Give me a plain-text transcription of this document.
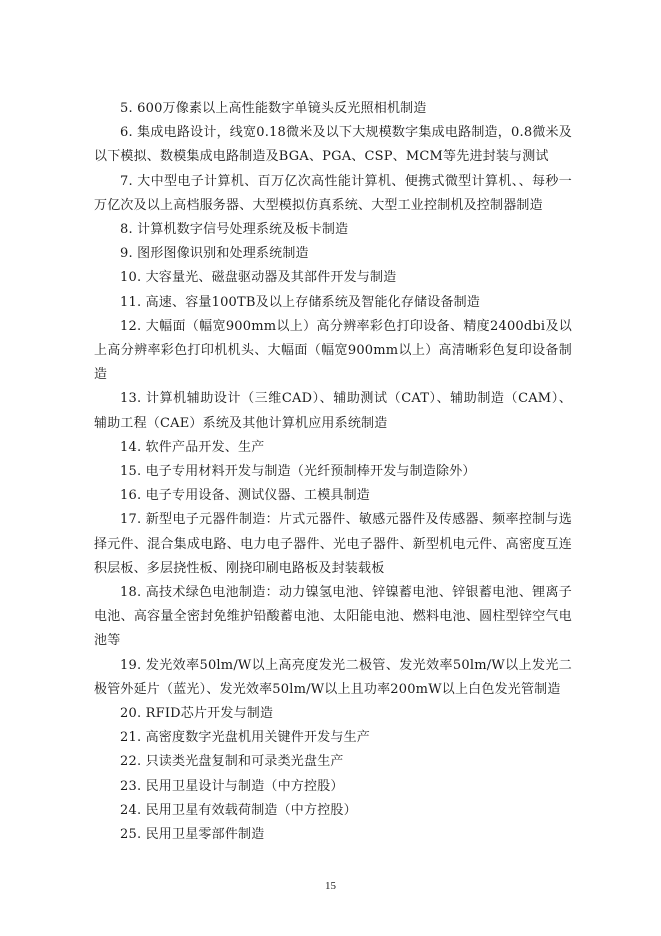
5. 600万像素以上高性能数字单镜头反光照相机制造

6. 集成电路设计，线宽0.18微米及以下大规模数字集成电路制造，0.8微米及以下模拟、数模集成电路制造及BGA、PGA、CSP、MCM等先进封装与测试

7. 大中型电子计算机、百万亿次高性能计算机、便携式微型计算机、、每秒一万亿次及以上高档服务器、大型模拟仿真系统、大型工业控制机及控制器制造

8. 计算机数字信号处理系统及板卡制造

9. 图形图像识别和处理系统制造

10. 大容量光、磁盘驱动器及其部件开发与制造

11. 高速、容量100TB及以上存储系统及智能化存储设备制造

12. 大幅面（幅宽900mm以上）高分辨率彩色打印设备、精度2400dbi及以上高分辨率彩色打印机机头、大幅面（幅宽900mm以上）高清晰彩色复印设备制造

13. 计算机辅助设计（三维CAD）、辅助测试（CAT）、辅助制造（CAM）、辅助工程（CAE）系统及其他计算机应用系统制造

14. 软件产品开发、生产

15. 电子专用材料开发与制造（光纤预制棒开发与制造除外）

16. 电子专用设备、测试仪器、工模具制造

17. 新型电子元器件制造：片式元器件、敏感元器件及传感器、频率控制与选择元件、混合集成电路、电力电子器件、光电子器件、新型机电元件、高密度互连积层板、多层挠性板、刚挠印刷电路板及封装载板

18. 高技术绿色电池制造：动力镍氢电池、锌镍蓄电池、锌银蓄电池、锂离子电池、高容量全密封免维护铅酸蓄电池、太阳能电池、燃料电池、圆柱型锌空气电池等

19. 发光效率50lm/W以上高亮度发光二极管、发光效率50lm/W以上发光二极管外延片（蓝光）、发光效率50lm/W以上且功率200mW以上白色发光管制造

20. RFID芯片开发与制造

21. 高密度数字光盘机用关键件开发与生产

22. 只读类光盘复制和可录类光盘生产

23. 民用卫星设计与制造（中方控股）

24. 民用卫星有效载荷制造（中方控股）

25. 民用卫星零部件制造

15
